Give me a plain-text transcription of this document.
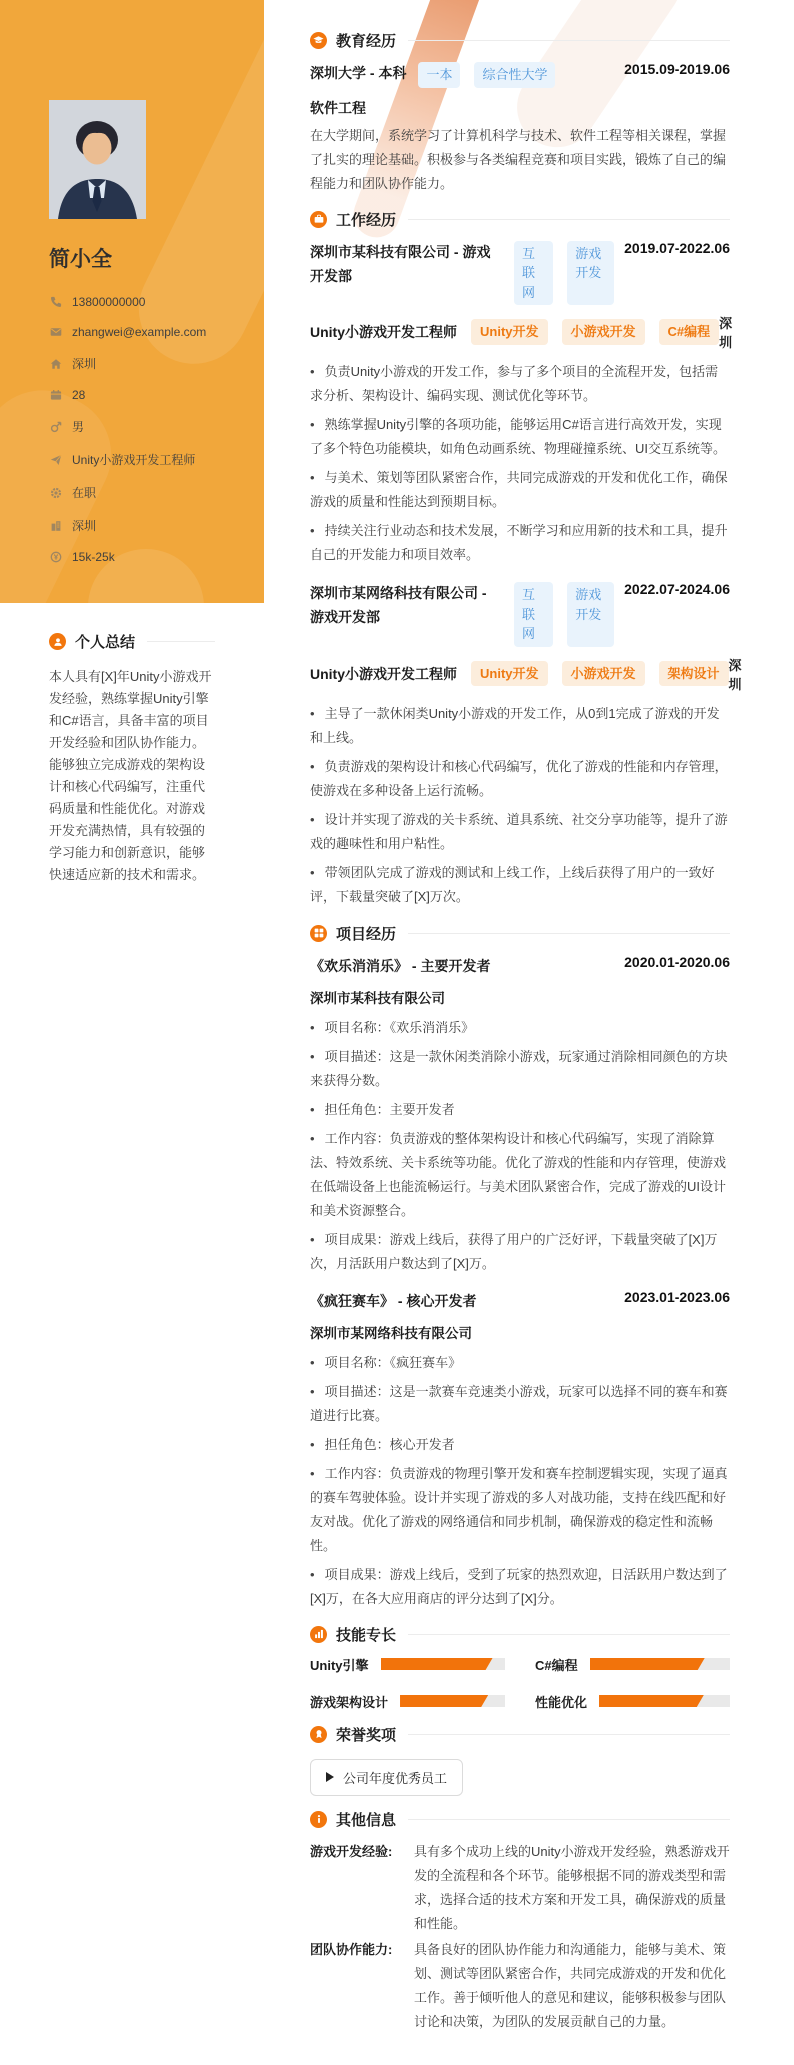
简小全
13800000000
zhangwei@example.com
深圳
28
男
Unity小游戏开发工程师
在职
深圳
15k-25k
个人总结

本人具有[X]年Unity小游戏开发经验，熟练掌握Unity引擎和C#语言，具备丰富的项目开发经验和团队协作能力。能够独立完成游戏的架构设计和核心代码编写，注重代码质量和性能优化。对游戏开发充满热情，具有较强的学习能力和创新意识，能够快速适应新的技术和需求。

教育经历
深圳大学 - 本科	一本	综合性大学	2015.09-2019.06
软件工程

在大学期间，系统学习了计算机科学与技术、软件工程等相关课程，掌握了扎实的理论基础。积极参与各类编程竞赛和项目实践，锻炼了自己的编程能力和团队协作能力。

工作经历
深圳市某科技有限公司 - 游戏开发部
互联网
游戏开发
2019.07-2022.06
Unity小游戏开发工程师	Unity开发	小游戏开发	C#编程
深圳

• 负责Unity小游戏的开发工作，参与了多个项目的全流程开发，包括需求分析、架构设计、编码实现、测试优化等环节。

• 熟练掌握Unity引擎的各项功能，能够运用C#语言进行高效开发，实现了多个特色功能模块，如角色动画系统、物理碰撞系统、UI交互系统等。

• 与美术、策划等团队紧密合作，共同完成游戏的开发和优化工作，确保游戏的质量和性能达到预期目标。

• 持续关注行业动态和技术发展，不断学习和应用新的技术和工具，提升自己的开发能力和项目效率。

深圳市某网络科技有限公司 - 游戏开发部
互联网
游戏开发
2022.07-2024.06
Unity小游戏开发工程师	Unity开发	小游戏开发	架构设计
深圳

• 主导了一款休闲类Unity小游戏的开发工作，从0到1完成了游戏的开发和上线。

• 负责游戏的架构设计和核心代码编写，优化了游戏的性能和内存管理，使游戏在多种设备上运行流畅。

• 设计并实现了游戏的关卡系统、道具系统、社交分享功能等，提升了游戏的趣味性和用户粘性。

• 带领团队完成了游戏的测试和上线工作，上线后获得了用户的一致好评，下载量突破了[X]万次。

项目经历
《欢乐消消乐》 - 主要开发者	2020.01-2020.06
深圳市某科技有限公司

• 项目名称：《欢乐消消乐》

• 项目描述：这是一款休闲类消除小游戏，玩家通过消除相同颜色的方块来获得分数。

• 担任角色：主要开发者

• 工作内容：负责游戏的整体架构设计和核心代码编写，实现了消除算法、特效系统、关卡系统等功能。优化了游戏的性能和内存管理，使游戏在低端设备上也能流畅运行。与美术团队紧密合作，完成了游戏的UI设计和美术资源整合。

• 项目成果：游戏上线后，获得了用户的广泛好评，下载量突破了[X]万次，月活跃用户数达到了[X]万。

《疯狂赛车》 - 核心开发者	2023.01-2023.06
深圳市某网络科技有限公司

• 项目名称：《疯狂赛车》

• 项目描述：这是一款赛车竞速类小游戏，玩家可以选择不同的赛车和赛道进行比赛。

• 担任角色：核心开发者

• 工作内容：负责游戏的物理引擎开发和赛车控制逻辑实现，实现了逼真的赛车驾驶体验。设计并实现了游戏的多人对战功能，支持在线匹配和好友对战。优化了游戏的网络通信和同步机制，确保游戏的稳定性和流畅性。

• 项目成果：游戏上线后，受到了玩家的热烈欢迎，日活跃用户数达到了[X]万，在各大应用商店的评分达到了[X]分。

技能专长
Unity引擎	C#编程
游戏架构设计	性能优化
荣誉奖项
公司年度优秀员工
其他信息
游戏开发经验:	具有多个成功上线的Unity小游戏开发经验，熟悉游戏开发的全流程和各个环节。能够根据不同的游戏类型和需求，选择合适的技术方案和开发工具，确保游戏的质量和性能。
团队协作能力:	具备良好的团队协作能力和沟通能力，能够与美术、策划、测试等团队紧密合作，共同完成游戏的开发和优化工作。善于倾听他人的意见和建议，能够积极参与团队讨论和决策，为团队的发展贡献自己的力量。
